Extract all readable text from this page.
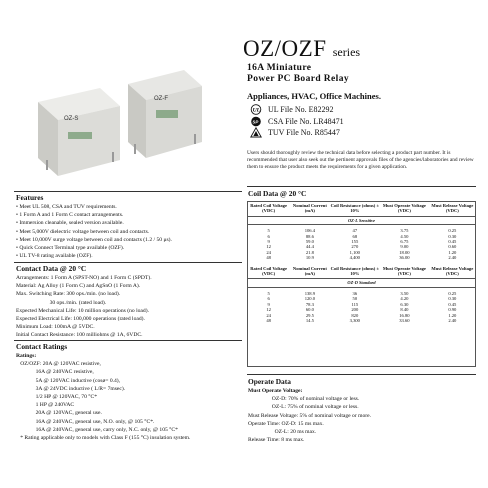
OZ-F
OZ-S
OZ/OZF series
16A Miniature
Power PC Board Relay
Appliances, HVAC, Office Machines.
UL UL File No. E82292
SP CSA File No. LR48471
TUV File No. R85447
Users should thoroughly review the technical data before selecting a product part number. It is recommended that user also seek out the pertinent approvals files of the agencies/laboratories and review them to ensure the product meets the requirements for a given application.
Features
• Meet UL 508, CSA and TUV requirements.
• 1 Form A and 1 Form C contact arrangements.
• Immersion cleanable, sealed version available.
• Meet 5,000V dielectric voltage between coil and contacts.
• Meet 10,000V surge voltage between coil and contacts (1.2 / 50 μs).
• Quick Connect Terminal type available (OZF).
• UL TV-8 rating available (OZF).
Contact Data @ 20 °C
Arrangements: 1 Form A (SPST-NO) and 1 Form C (SPDT).
Material: Ag Alloy (1 Form C) and AgSnO (1 Form A).
Max. Switching Rate: 300 ops./min. (no load).
30 ops./min. (rated load).
Expected Mechanical Life: 10 million operations (no load).
Expected Electrical Life: 100,000 operations (rated load).
Minimum Load: 100mA @ 5VDC.
Initial Contact Resistance: 100 milliohms @ 1A, 6VDC.
Contact Ratings
Ratings:
OZ/OZF: 20A @ 120VAC resistive,
16A @ 240VAC resistive,
5A @ 120VAC inductive (cosø= 0.4),
3A @ 24VDC inductive ( L/R= 7msec).
1/2 HP @ 120VAC, 70 °C*
1 HP @ 240VAC
20A @ 120VAC, general use.
16A @ 240VAC, general use, N.O. only, @ 105 °C*.
16A @ 240VAC, general use, carry only, N.C. only, @ 105 °C*
* Rating applicable only to models with Class F (155 °C) insulation system.
Coil Data @ 20 °C
Rated Coil Voltage (VDC)	Nominal Current (mA)	Coil Resistance (ohms) ± 10%	Must Operate Voltage (VDC)	Must Release Voltage (VDC)
OZ-L Sensitive				

5	106.4	47	3.75	0.25
6	88.6	68	4.50	0.30
9	59.0	155	6.75	0.45
12	44.4	270	9.00	0.60
24	21.8	1,100	18.00	1.20
48	10.9	4,400	36.00	2.40

Rated Coil Voltage (VDC)	Nominal Current (mA)	Coil Resistance (ohms) ± 10%	Must Operate Voltage (VDC)	Must Release Voltage (VDC)
OZ-D Standard				

5	138.9	36	3.50	0.25
6	120.0	50	4.20	0.30
9	78.3	115	6.30	0.45
12	60.0	200	8.40	0.90
24	29.5	820	16.80	1.20
48	14.5	3,300	33.60	2.40
Operate Data
Must Operate Voltage:
OZ-D: 70% of nominal voltage or less.
OZ-L: 75% of nominal voltage or less.
Must Release Voltage: 5% of nominal voltage or more.
Operate Time: OZ-D: 15 ms max.
OZ-L: 20 ms max.
Release Time: 8 ms max.
